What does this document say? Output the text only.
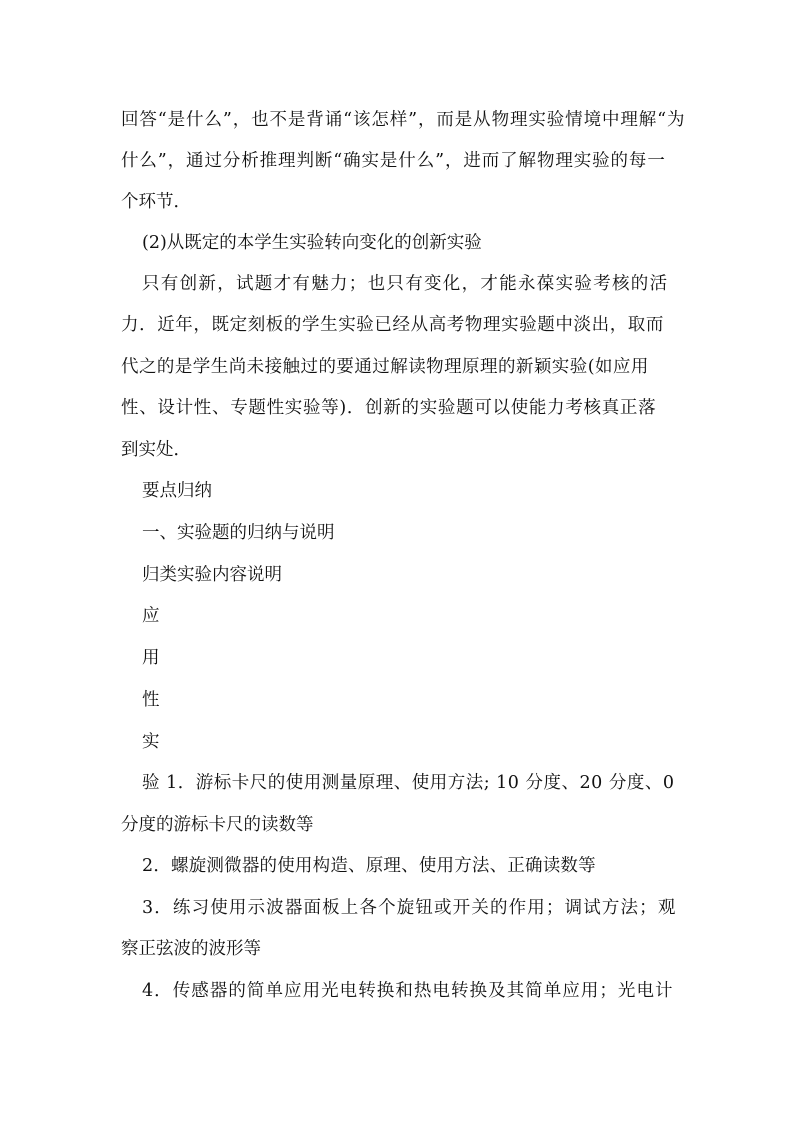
回答“是什么”，也不是背诵“该怎样”，而是从物理实验情境中理解“为
什么”，通过分析推理判断“确实是什么”，进而了解物理实验的每一
个环节．
(2)从既定的本学生实验转向变化的创新实验
只有创新，试题才有魅力；也只有变化，才能永葆实验考核的活
力．近年，既定刻板的学生实验已经从高考物理实验题中淡出，取而
代之的是学生尚未接触过的要通过解读物理原理的新颖实验(如应用
性、设计性、专题性实验等)．创新的实验题可以使能力考核真正落
到实处．
要点归纳
一、实验题的归纳与说明
归类实验内容说明
应
用
性
实
验 1．游标卡尺的使用测量原理、使用方法; 10 分度、20 分度、0
分度的游标卡尺的读数等
2．螺旋测微器的使用构造、原理、使用方法、正确读数等
3．练习使用示波器面板上各个旋钮或开关的作用；调试方法；观
察正弦波的波形等
4．传感器的简单应用光电转换和热电转换及其简单应用；光电计
